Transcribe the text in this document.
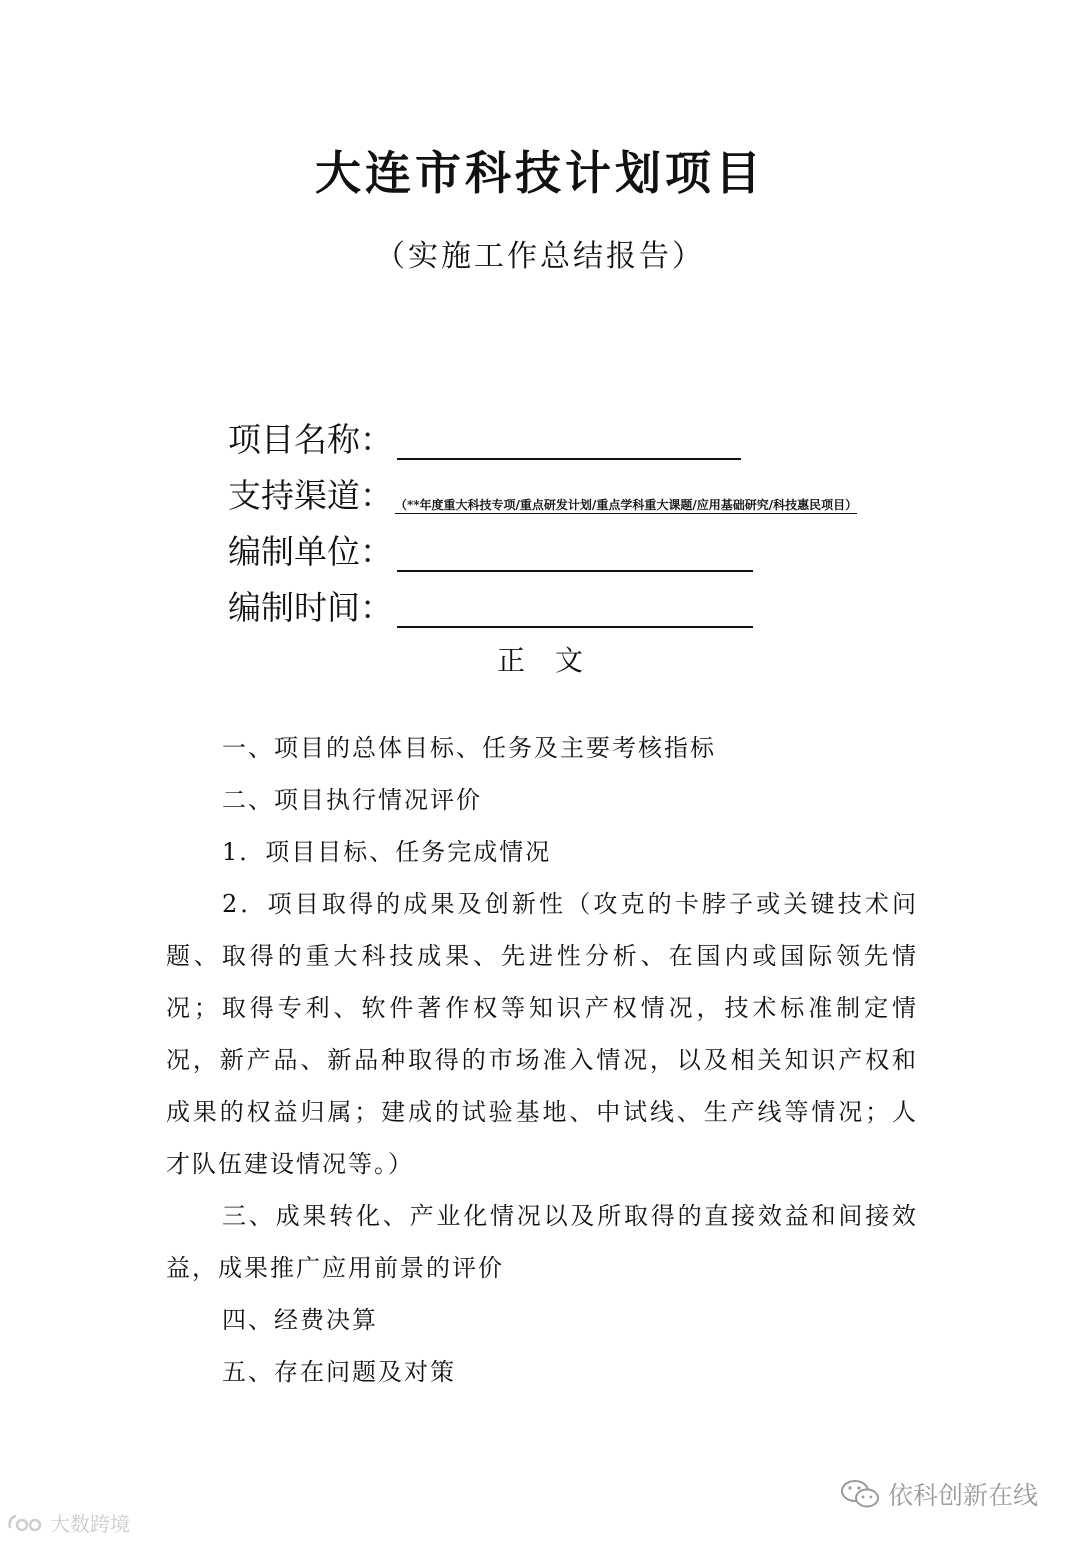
大连市科技计划项目
（实施工作总结报告）
项目名称：
支持渠道： （**年度重大科技专项/重点研发计划/重点学科重大课题/应用基础研究/科技惠民项目）
编制单位：
编制时间：
正 文

一、项目的总体目标、任务及主要考核指标

二、项目执行情况评价

1．项目目标、任务完成情况

2．项目取得的成果及创新性（攻克的卡脖子或关键技术问题、取得的重大科技成果、先进性分析、在国内或国际领先情况；取得专利、软件著作权等知识产权情况，技术标准制定情况，新产品、新品种取得的市场准入情况，以及相关知识产权和成果的权益归属；建成的试验基地、中试线、生产线等情况；人才队伍建设情况等。）

三、成果转化、产业化情况以及所取得的直接效益和间接效益，成果推广应用前景的评价

四、经费决算

五、存在问题及对策

大数跨境
依科创新在线
